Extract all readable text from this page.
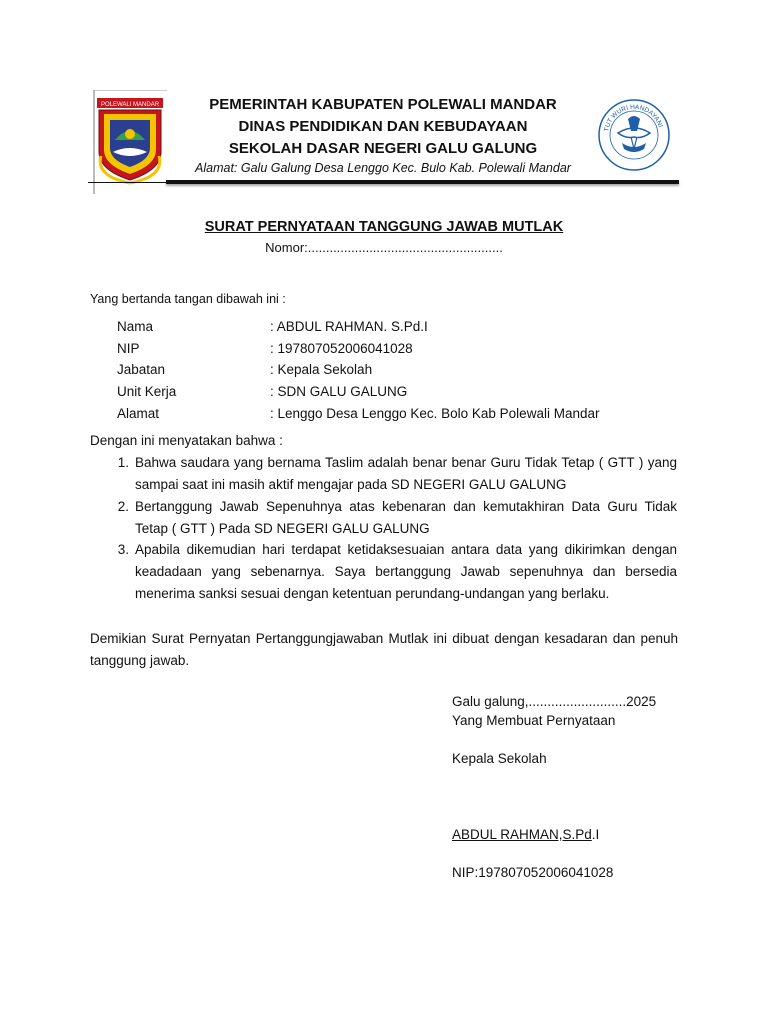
POLEWALI MANDAR
TUT WURI HANDAYANI
PEMERINTAH KABUPATEN POLEWALI MANDAR
DINAS PENDIDIKAN DAN KEBUDAYAAN
SEKOLAH DASAR NEGERI GALU GALUNG
Alamat: Galu Galung Desa Lenggo Kec. Bulo Kab. Polewali Mandar
SURAT PERNYATAAN TANGGUNG JAWAB MUTLAK
Nomor:......................................................
Yang bertanda tangan dibawah ini :
Nama	: ABDUL RAHMAN. S.Pd.I
NIP	: 197807052006041028
Jabatan	: Kepala Sekolah
Unit Kerja	: SDN GALU GALUNG
Alamat	: Lenggo Desa Lenggo Kec. Bolo Kab Polewali Mandar
Dengan ini menyatakan bahwa :
1. Bahwa saudara yang bernama Taslim adalah benar benar Guru Tidak Tetap ( GTT ) yang sampai saat ini masih aktif mengajar pada SD NEGERI GALU GALUNG
2. Bertanggung Jawab Sepenuhnya atas kebenaran dan kemutakhiran Data Guru Tidak Tetap ( GTT ) Pada SD NEGERI GALU GALUNG
3. Apabila dikemudian hari terdapat ketidaksesuaian antara data yang dikirimkan dengan keadadaan yang sebenarnya. Saya bertanggung Jawab sepenuhnya dan bersedia menerima sanksi sesuai dengan ketentuan perundang-undangan yang berlaku.
Demikian Surat Pernyatan Pertanggungjawaban Mutlak ini dibuat dengan kesadaran dan penuh tanggung jawab.
Galu galung,..........................2025
Yang Membuat Pernyataan
Kepala Sekolah
ABDUL RAHMAN,S.Pd.I
NIP:197807052006041028
